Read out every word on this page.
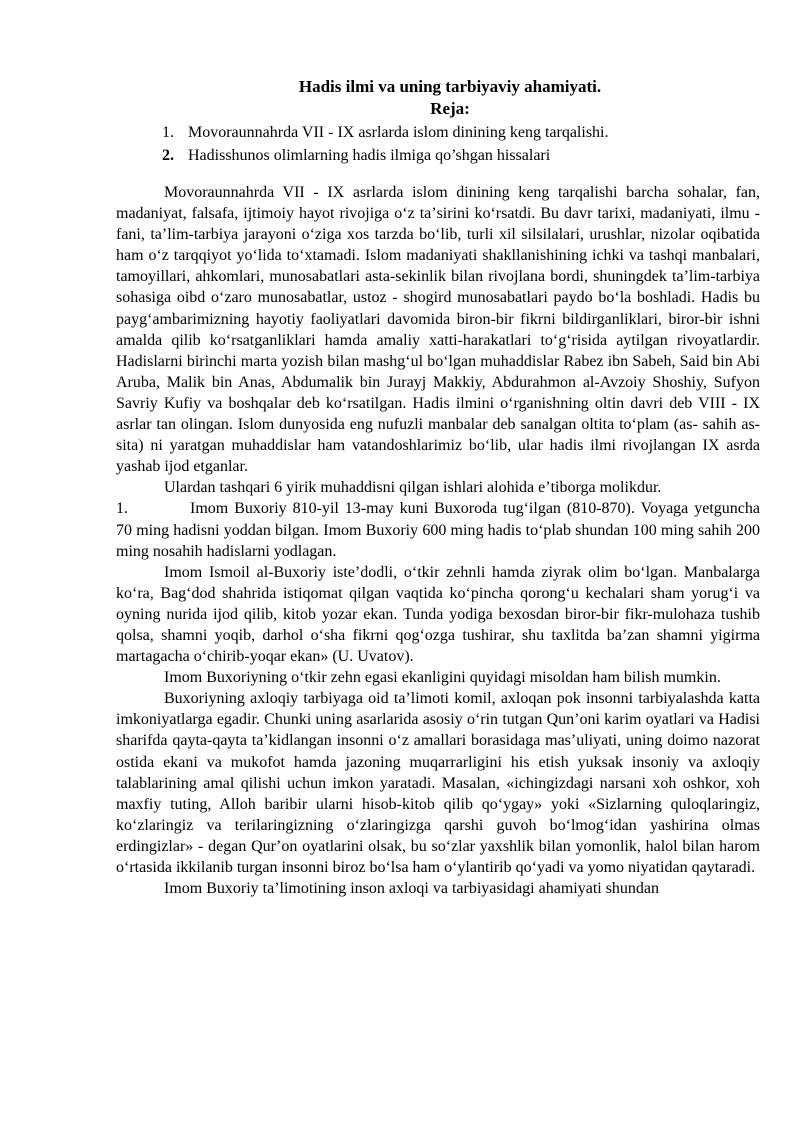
Hadis ilmi va uning tarbiyaviy ahamiyati.
Reja:
1. Movoraunnahrda VII - IX asrlarda islom dinining keng tarqalishi.
2. Hadisshunos olimlarning hadis ilmiga qo’shgan hissalari

Movoraunnahrda VII - IX asrlarda islom dinining keng tarqalishi barcha sohalar, fan, madaniyat, falsafa, ijtimoiy hayot rivojiga oʻz taʼsirini koʻrsatdi. Bu davr tarixi, madaniyati, ilmu - fani, taʼlim-tarbiya jarayoni oʻziga xos tarzda boʻlib, turli xil silsilalari, urushlar, nizolar oqibatida ham oʻz tarqqiyot yoʻlida toʻxtamadi. Islom madaniyati shakllanishining ichki va tashqi manbalari, tamoyillari, ahkomlari, munosabatlari asta-sekinlik bilan rivojlana bordi, shuningdek taʼlim-tarbiya sohasiga oibd oʻzaro munosabatlar, ustoz - shogird munosabatlari paydo boʻla boshladi. Hadis bu paygʻambarimizning hayotiy faoliyatlari davomida biron-bir fikrni bildirganliklari, biror-bir ishni amalda qilib koʻrsatganliklari hamda amaliy xatti-harakatlari toʻgʻrisida aytilgan rivoyatlardir. Hadislarni birinchi marta yozish bilan mashgʻul boʻlgan muhaddislar Rabez ibn Sabeh, Said bin Abi Aruba, Malik bin Anas, Abdumalik bin Jurayj Makkiy, Abdurahmon al-Avzoiy Shoshiy, Sufyon Savriy Kufiy va boshqalar deb koʻrsatilgan. Hadis ilmini oʻrganishning oltin davri deb VIII - IX asrlar tan olingan. Islom dunyosida eng nufuzli manbalar deb sanalgan oltita toʻplam (as- sahih as-sita) ni yaratgan muhaddislar ham vatandoshlarimiz boʻlib, ular hadis ilmi rivojlangan IX asrda yashab ijod etganlar.

Ulardan tashqari 6 yirik muhaddisni qilgan ishlari alohida eʼtiborga molikdur.

1.	Imom Buxoriy 810-yil 13-may kuni Buxoroda tugʻilgan (810-870). Voyaga yetguncha 70 ming hadisni yoddan bilgan. Imom Buxoriy 600 ming hadis toʻplab shundan 100 ming sahih 200 ming nosahih hadislarni yodlagan.

Imom Ismoil al-Buxoriy isteʼdodli, oʻtkir zehnli hamda ziyrak olim boʻlgan. Manbalarga koʻra, Bagʻdod shahrida istiqomat qilgan vaqtida koʻpincha qorongʻu kechalari sham yorugʻi va oyning nurida ijod qilib, kitob yozar ekan. Tunda yodiga bexosdan biror-bir fikr-mulohaza tushib qolsa, shamni yoqib, darhol oʻsha fikrni qogʻozga tushirar, shu taxlitda baʼzan shamni yigirma martagacha oʻchirib-yoqar ekan» (U. Uvatov).

Imom Buxoriyning oʻtkir zehn egasi ekanligini quyidagi misoldan ham bilish mumkin.

Buxoriyning axloqiy tarbiyaga oid taʼlimoti komil, axloqan pok insonni tarbiyalashda katta imkoniyatlarga egadir. Chunki uning asarlarida asosiy oʻrin tutgan Qunʼoni karim oyatlari va Hadisi sharifda qayta-qayta taʼkidlangan insonni oʻz amallari borasidaga masʼuliyati, uning doimo nazorat ostida ekani va mukofot hamda jazoning muqarrarligini his etish yuksak insoniy va axloqiy talablarining amal qilishi uchun imkon yaratadi. Masalan, «ichingizdagi narsani xoh oshkor, xoh maxfiy tuting, Alloh baribir ularni hisob-kitob qilib qoʻygay» yoki «Sizlarning quloqlaringiz, koʻzlaringiz va terilaringizning oʻzlaringizga qarshi guvoh boʻlmogʻidan yashirina olmas erdingizlar» - degan Qurʼon oyatlarini olsak, bu soʻzlar yaxshlik bilan yomonlik, halol bilan harom oʻrtasida ikkilanib turgan insonni biroz boʻlsa ham oʻylantirib qoʻyadi va yomo niyatidan qaytaradi.

Imom Buxoriy taʼlimotining inson axloqi va tarbiyasidagi ahamiyati shundan
